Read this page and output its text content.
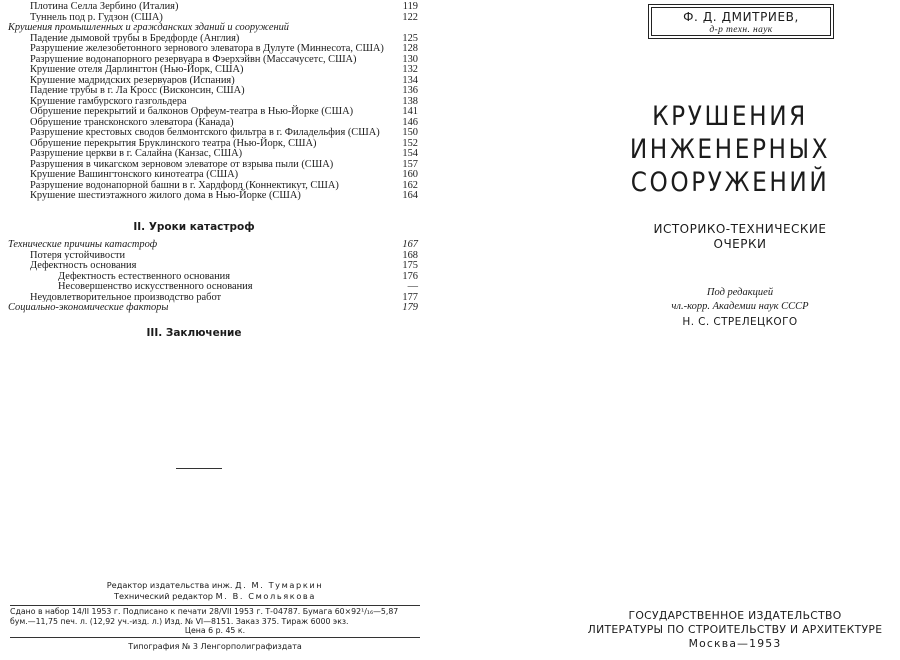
Плотина Селла Зербино (Италия)	119
Туннель под р. Гудзон (США)	122
Крушения промышленных и гражданских зданий и сооружений
Падение дымовой трубы в Бредфорде (Англия)	125
Разрушение железобетонного зернового элеватора в Дулуте (Миннесота, США)	128
Разрушение водонапорного резервуара в Фэерхэйвн (Массачусетс, США)	130
Крушение отеля Дарлингтон (Нью-Йорк, США)	132
Крушение мадридских резервуаров (Испания)	134
Падение трубы в г. Ла Кросс (Висконсин, США)	136
Крушение гамбурского газгольдера	138
Обрушение перекрытий и балконов Орфеум-театра в Нью-Йорке (США)	141
Обрушение трансконского элеватора (Канада)	146
Разрушение крестовых сводов белмонтского фильтра в г. Филадельфия (США)	150
Обрушение перекрытия Бруклинского театра (Нью-Йорк, США)	152
Разрушение церкви в г. Салайна (Канзас, США)	154
Разрушения в чикагском зерновом элеваторе от взрыва пыли (США)	157
Крушение Вашингтонского кинотеатра (США)	160
Разрушение водонапорной башни в г. Хардфорд (Коннектикут, США)	162
Крушение шестиэтажного жилого дома в Нью-Йорке (США)	164
II. Уроки катастроф
Технические причины катастроф	167
Потеря устойчивости	168
Дефектность основания	175
Дефектность естественного основания	176
Несовершенство искусственного основания	—
Неудовлетворительное производство работ	177
Социально-экономические факторы	179
III. Заключение
Редактор издательства инж. Д. М. Тумаркин
Технический редактор М. В. Смольякова
Сдано в набор 14/II 1953 г. Подписано к печати 28/VII 1953 г. Т-04787. Бумага 60×92¹/₁₆—5,87
бум.—11,75 печ. л. (12,92 уч.-изд. л.) Изд. № VI—8151. Заказ 375. Тираж 6000 экз.
Цена 6 р. 45 к.
Типография № 3 Ленгорполиграфиздата
Ф. Д. ДМИТРИЕВ,
д-р техн. наук
КРУШЕНИЯ
ИНЖЕНЕРНЫХ
СООРУЖЕНИЙ
ИСТОРИКО-ТЕХНИЧЕСКИЕ
ОЧЕРКИ
Под редакцией
чл.-корр. Академии наук СССР
Н. С. СТРЕЛЕЦКОГО
ГОСУДАРСТВЕННОЕ ИЗДАТЕЛЬСТВО
ЛИТЕРАТУРЫ ПО СТРОИТЕЛЬСТВУ И АРХИТЕКТУРЕ
Москва—1953
